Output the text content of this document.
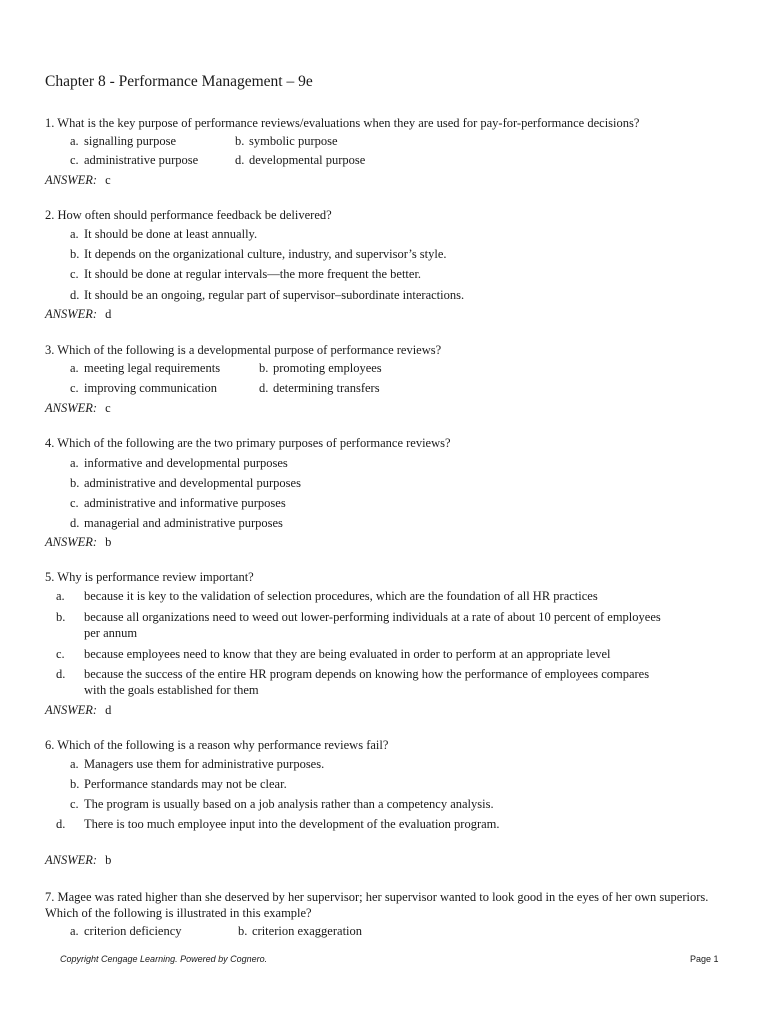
Chapter 8 - Performance Management – 9e
1. What is the key purpose of performance reviews/evaluations when they are used for pay-for-performance decisions?
a. signalling purpose	b. symbolic purpose
c. administrative purpose	d. developmental purpose
ANSWER: c
2. How often should performance feedback be delivered?
a. It should be done at least annually.
b. It depends on the organizational culture, industry, and supervisor’s style.
c. It should be done at regular intervals—the more frequent the better.
d. It should be an ongoing, regular part of supervisor–subordinate interactions.
ANSWER: d
3. Which of the following is a developmental purpose of performance reviews?
a. meeting legal requirements	b. promoting employees
c. improving communication	d. determining transfers
ANSWER: c
4. Which of the following are the two primary purposes of performance reviews?
a. informative and developmental purposes
b. administrative and developmental purposes
c. administrative and informative purposes
d. managerial and administrative purposes
ANSWER: b
5. Why is performance review important?
a. because it is key to the validation of selection procedures, which are the foundation of all HR practices
b. because all organizations need to weed out lower-performing individuals at a rate of about 10 percent of employees per annum
c. because employees need to know that they are being evaluated in order to perform at an appropriate level
d. because the success of the entire HR program depends on knowing how the performance of employees compares with the goals established for them
ANSWER: d
6. Which of the following is a reason why performance reviews fail?
a. Managers use them for administrative purposes.
b. Performance standards may not be clear.
c. The program is usually based on a job analysis rather than a competency analysis.
d. There is too much employee input into the development of the evaluation program.
ANSWER: b
7. Magee was rated higher than she deserved by her supervisor; her supervisor wanted to look good in the eyes of her own superiors. Which of the following is illustrated in this example?
a. criterion deficiency	b. criterion exaggeration
Copyright Cengage Learning. Powered by Cognero.	Page 1
